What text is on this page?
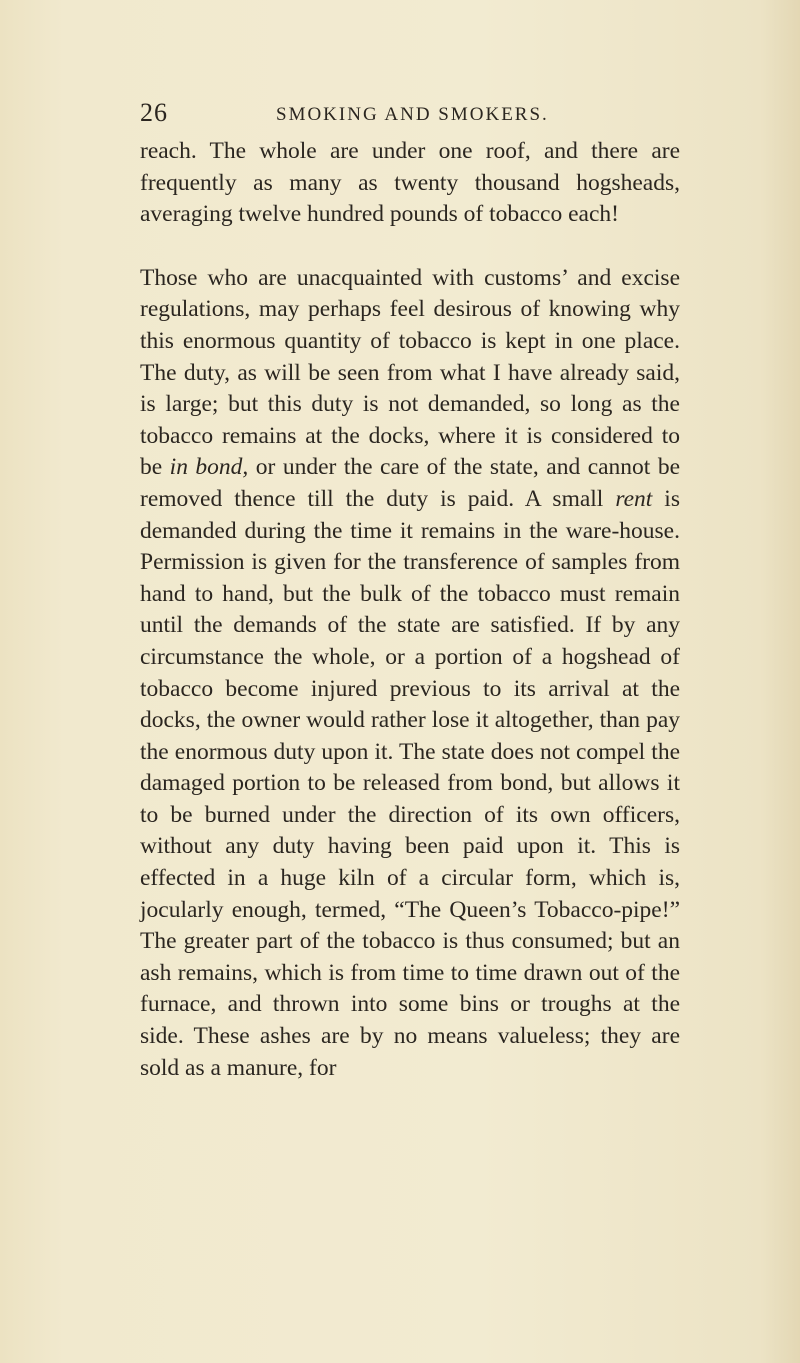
26	SMOKING AND SMOKERS.

reach. The whole are under one roof, and there are frequently as many as twenty thousand hogsheads, averaging twelve hundred pounds of tobacco each!

Those who are unacquainted with customs’ and excise regulations, may perhaps feel desirous of knowing why this enormous quantity of tobacco is kept in one place. The duty, as will be seen from what I have already said, is large; but this duty is not demanded, so long as the tobacco remains at the docks, where it is considered to be in bond, or under the care of the state, and cannot be removed thence till the duty is paid. A small rent is demanded during the time it remains in the ware-house. Permission is given for the transference of samples from hand to hand, but the bulk of the tobacco must remain until the demands of the state are satisfied. If by any circumstance the whole, or a portion of a hogshead of tobacco become injured previous to its arrival at the docks, the owner would rather lose it altogether, than pay the enormous duty upon it. The state does not compel the damaged portion to be released from bond, but allows it to be burned under the direction of its own officers, without any duty having been paid upon it. This is effected in a huge kiln of a circular form, which is, jocularly enough, termed, “The Queen’s Tobacco-pipe!” The greater part of the tobacco is thus consumed; but an ash remains, which is from time to time drawn out of the furnace, and thrown into some bins or troughs at the side. These ashes are by no means valueless; they are sold as a manure, for
